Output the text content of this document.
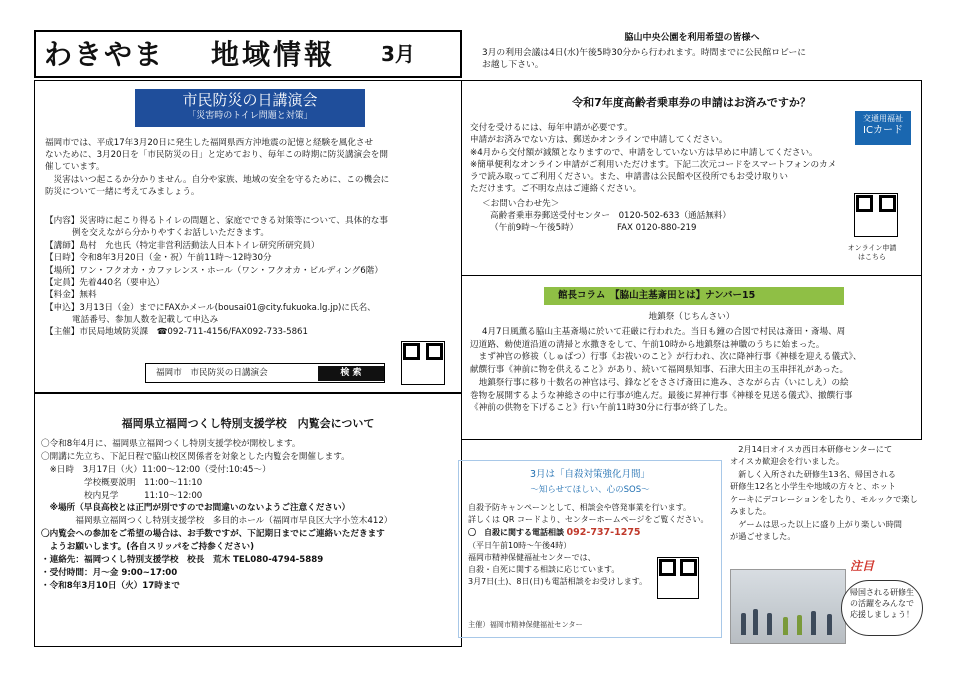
わきやま 地域情報 3月
脇山中央公園を利用希望の皆様へ
3月の利用会議は4日(水)午後5時30分から行われます。時間までに公民館ロビーに
お越し下さい。
市民防災の日講演会
「災害時のトイレ問題と対策」
福岡市では、平成17年3月20日に発生した福岡県西方沖地震の記憶と経験を風化させ
ないために、3月20日を「市民防災の日」と定めており、毎年この時期に防災講演会を開
催しています。
　災害はいつ起こるか分かりません。自分や家族、地域の安全を守るために、この機会に
防災について一緒に考えてみましょう。
【内容】災害時に起こり得るトイレの問題と、家庭でできる対策等について、具体的な事
例を交えながら分かりやすくお話しいただきます。
【講師】島村　允也氏（特定非営利活動法人日本トイレ研究所研究員）
【日時】令和8年3月20日（金・祝）午前11時～12時30分
【場所】ワン・フクオカ・カファレンス・ホール（ワン・フクオカ・ビルディング6階）
【定員】先着440名（要申込）
【料金】無料
【申込】3月13日（金）までにFAXかメール(bousai01@city.fukuoka.lg.jp)に氏名、
電話番号、参加人数を記載して申込み
【主催】市民局地域防災課　☎092-711-4156/FAX092-733-5861
福岡市　市民防災の日講演会	検 索
福岡県立福岡つくし特別支援学校　内覧会について
〇令和8年4月に、福岡県立福岡つくし特別支援学校が開校します。
〇開講に先立ち、下記日程で脇山校区関係者を対象とした内覧会を開催します。
　※日時　3月17日（火）11:00～12:00（受付:10:45～）
　　　　　学校概要説明　11:00～11:10
　　　　　校内見学　　　11:10～12:00
　※場所（早良高校とは正門が別ですのでお間違いのないようご注意ください）
　　　　福岡県立福岡つくし特別支援学校　多目的ホール（福岡市早良区大字小笠木412）
〇内覧会への参加をご希望の場合は、お手数ですが、下記期日までにご連絡いただきます
　ようお願いします。(各自スリッパをご持参ください)
・連絡先：福岡つくし特別支援学校　校長　荒木 TEL080-4794-5889
・受付時間：月～金 9:00~17:00
・令和8年3月10日（火）17時まで
令和7年度高齢者乗車券の申請はお済みですか？
交通用福祉
ICカード
交付を受けるには、毎年申請が必要です。
申請がお済みでない方は、郵送かオンラインで申請してください。
※4月から交付額が減額となりますので、申請をしていない方は早めに申請してください。
※簡単便利なオンライン申請がご利用いただけます。下記二次元コードをスマートフォンのカメ
ラで読み取ってご利用ください。また、申請書は公民館や区役所でもお受け取りい
ただけます。ご不明な点はご連絡ください。
＜お問い合わせ先＞
高齢者乗車券郵送受付センター　0120-502-633（通話無料）
（午前9時～午後5時）　　　　　FAX 0120-880-219
オンライン申請
はこちら
館長コラム　【脇山主基斎田とは】ナンバー15
地鎮祭（じちんさい）
4月7日風薫る脇山主基斎場に於いて荘厳に行われた。当日も鐘の合図で村民は斎田・斎場、周
辺道路、勅使道沿道の清掃と水撒きをして、午前10時から地鎮祭は神職のうちに始まった。
　まず神官の修祓（しゅばつ）行事《お祓いのこと》が行われ、次に降神行事《神様を迎える儀式》、
献饌行事《神前に物を供えること》があり、続いて福岡県知事、石津大田主の玉串拝礼があった。
　地鎮祭行事に移り十数名の神官は弓、鋒などをささげ斎田に進み、さながら古（いにしえ）の絵
巻物を展開するような神総さの中に行事が進んだ。最後に昇神行事《神様を見送る儀式》、撤饌行事
《神前の供物を下げること》行い午前11時30分に行事が終了した。
3月は「自殺対策強化月間」
～知らせてほしい、心のSOS～
自殺予防キャンペーンとして、相談会や啓発事業を行います。
詳しくは QR コードより、センターホームページをご覧ください。
〇　自殺に関する電話相談 092-737-1275
（平日午前10時～午後4時）
福岡市精神保健福祉センターでは、
自殺・自死に関する相談に応じています。
3月7日(土)、8日(日)も電話相談をお受けします。
主催）福岡市精神保健福祉センター
　2月14日オイスカ西日本研修センターにて
オイスカ歓迎会を行いました。
　新しく入所された研修生13名、帰国される
研修生12名と小学生や地域の方々と、ホット
ケーキにデコレーションをしたり、モルックで楽し
みました。
　ゲームは思った以上に盛り上がり楽しい時間
が過ごせました。
注目
帰国される研修生
の活躍をみんなで
応援しましょう！
